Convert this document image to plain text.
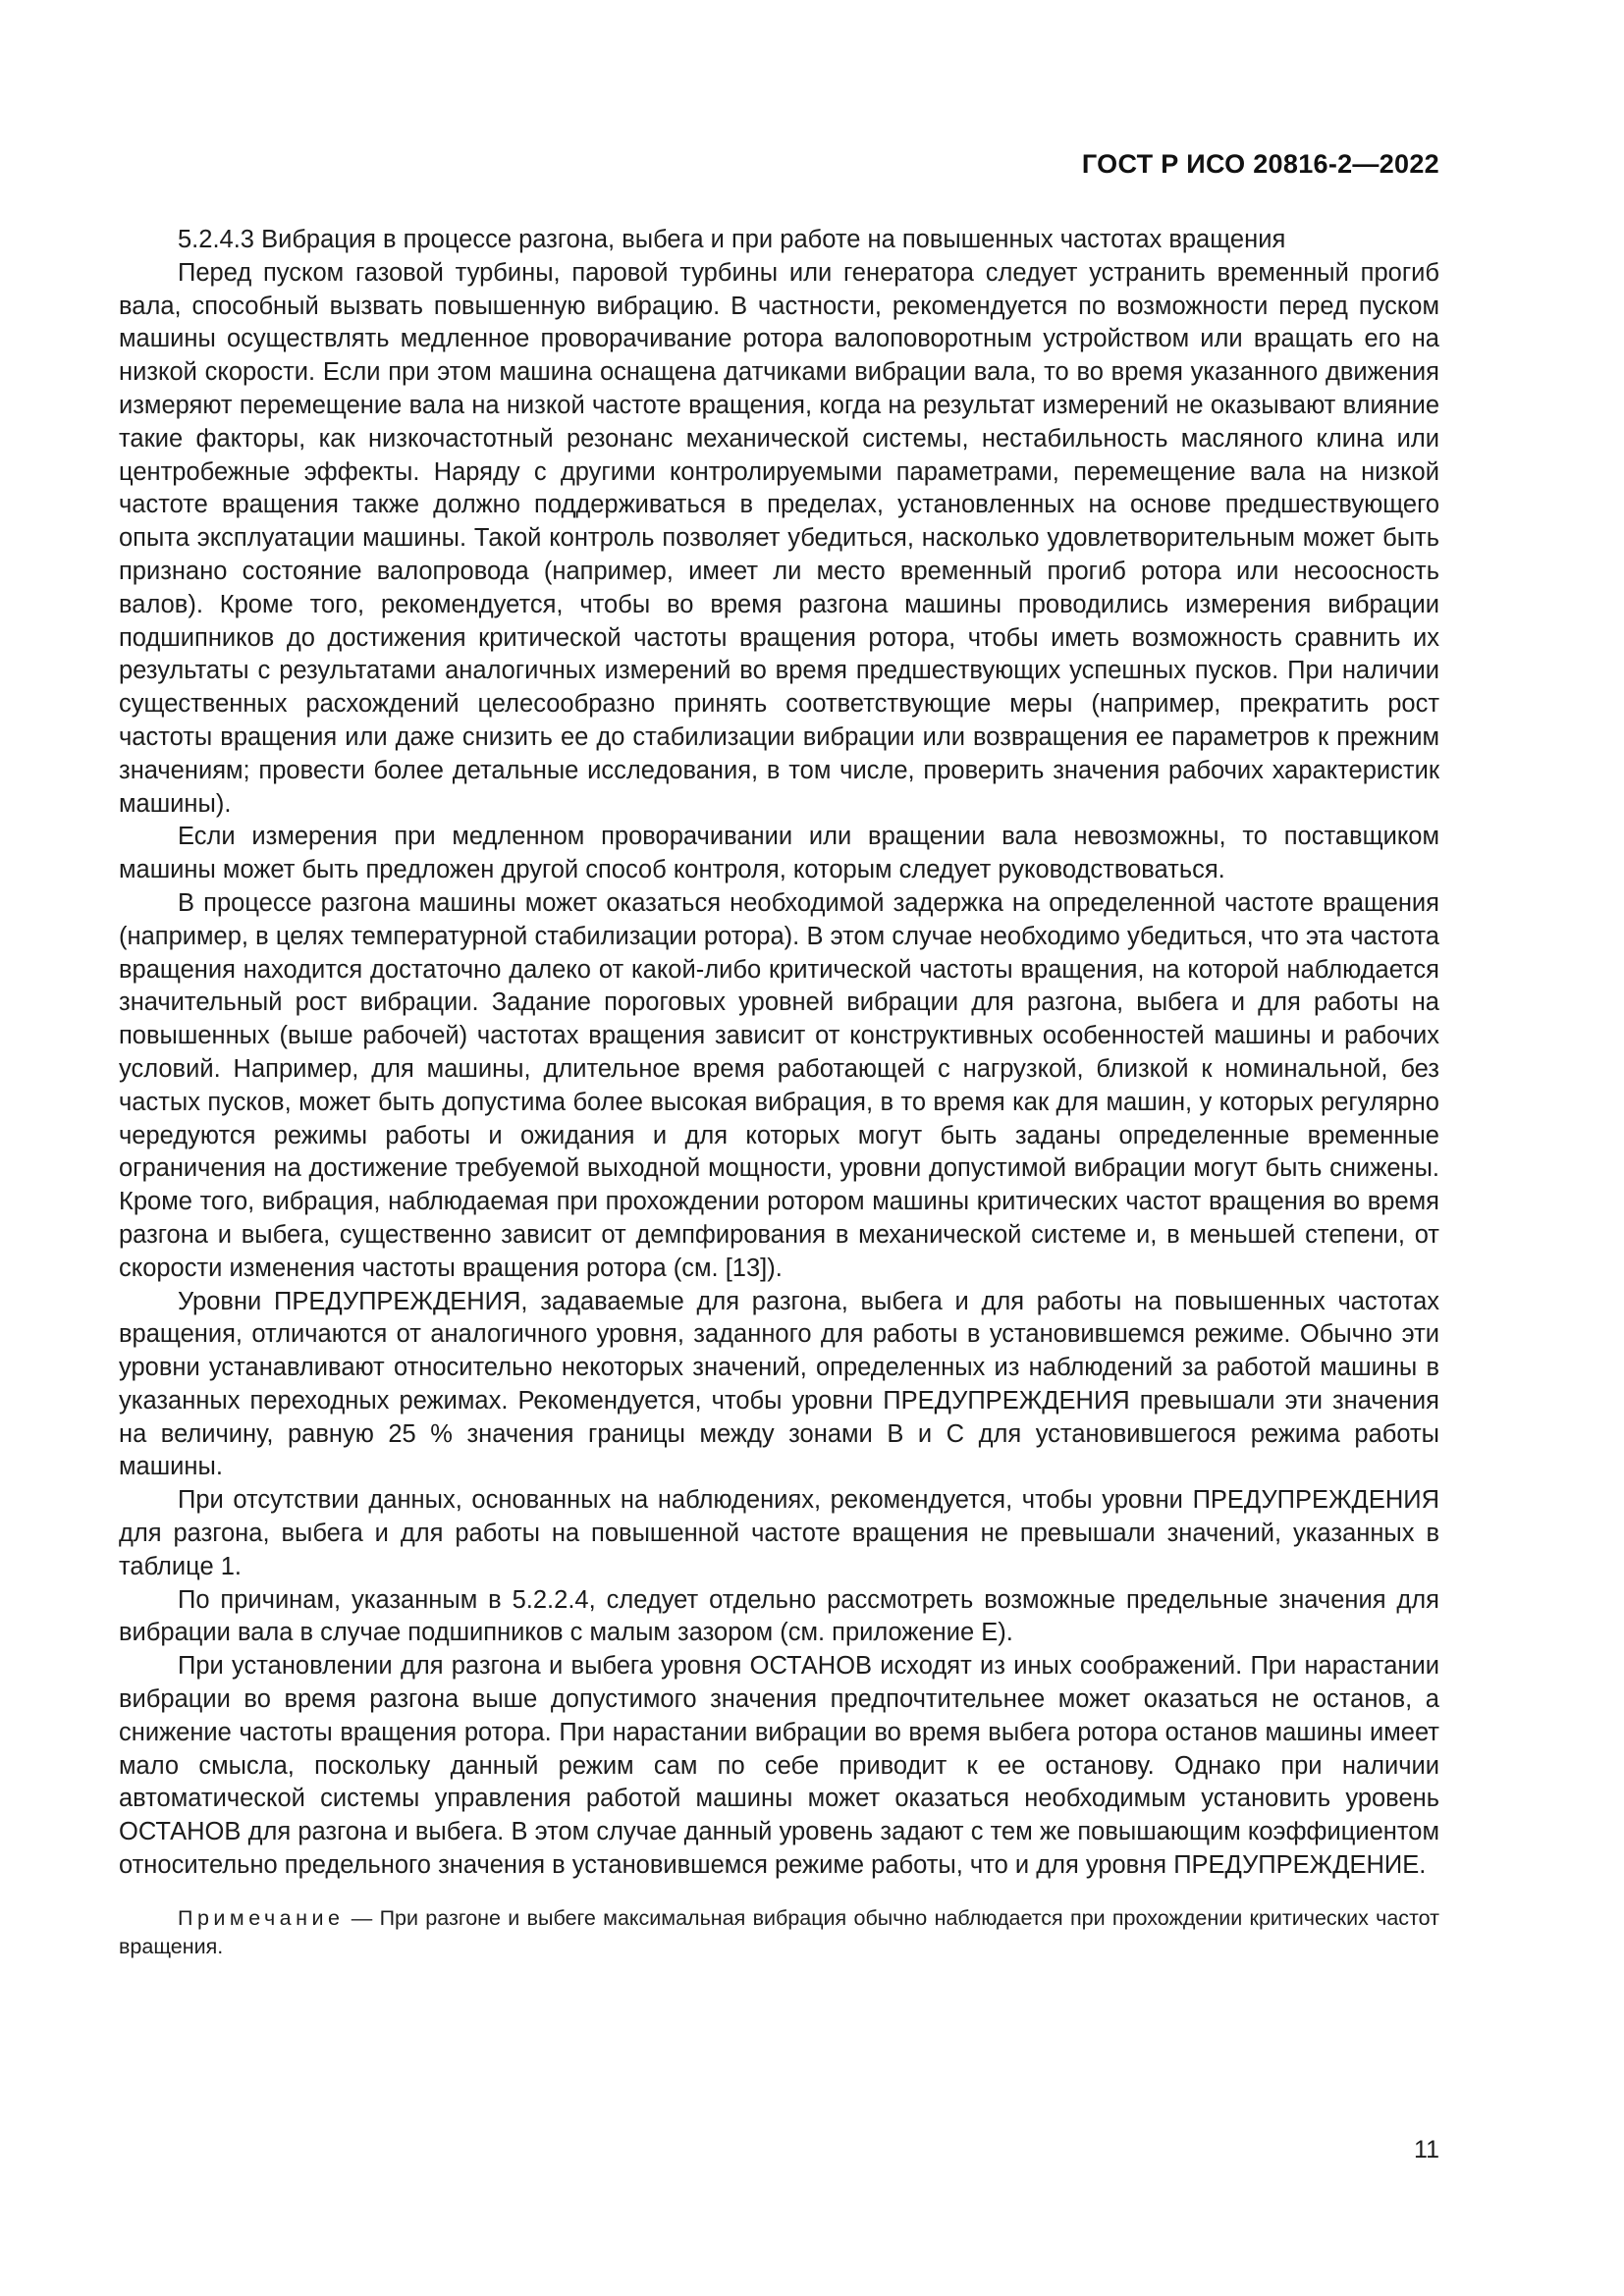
ГОСТ Р ИСО 20816-2—2022

5.2.4.3 Вибрация в процессе разгона, выбега и при работе на повышенных частотах вращения

Перед пуском газовой турбины, паровой турбины или генератора следует устранить временный прогиб вала, способный вызвать повышенную вибрацию. В частности, рекомендуется по возможности перед пуском машины осуществлять медленное проворачивание ротора валоповоротным устройством или вращать его на низкой скорости. Если при этом машина оснащена датчиками вибрации вала, то во время указанного движения измеряют перемещение вала на низкой частоте вращения, когда на результат измерений не оказывают влияние такие факторы, как низкочастотный резонанс механической системы, нестабильность масляного клина или центробежные эффекты. Наряду с другими контролируемыми параметрами, перемещение вала на низкой частоте вращения также должно поддерживаться в пределах, установленных на основе предшествующего опыта эксплуатации машины. Такой контроль позволяет убедиться, насколько удовлетворительным может быть признано состояние валопровода (например, имеет ли место временный прогиб ротора или несоосность валов). Кроме того, рекомендуется, чтобы во время разгона машины проводились измерения вибрации подшипников до достижения критической частоты вращения ротора, чтобы иметь возможность сравнить их результаты с результатами аналогичных измерений во время предшествующих успешных пусков. При наличии существенных расхождений целесообразно принять соответствующие меры (например, прекратить рост частоты вращения или даже снизить ее до стабилизации вибрации или возвращения ее параметров к прежним значениям; провести более детальные исследования, в том числе, проверить значения рабочих характеристик машины).

Если измерения при медленном проворачивании или вращении вала невозможны, то поставщиком машины может быть предложен другой способ контроля, которым следует руководствоваться.

В процессе разгона машины может оказаться необходимой задержка на определенной частоте вращения (например, в целях температурной стабилизации ротора). В этом случае необходимо убедиться, что эта частота вращения находится достаточно далеко от какой-либо критической частоты вращения, на которой наблюдается значительный рост вибрации. Задание пороговых уровней вибрации для разгона, выбега и для работы на повышенных (выше рабочей) частотах вращения зависит от конструктивных особенностей машины и рабочих условий. Например, для машины, длительное время работающей с нагрузкой, близкой к номинальной, без частых пусков, может быть допустима более высокая вибрация, в то время как для машин, у которых регулярно чередуются режимы работы и ожидания и для которых могут быть заданы определенные временные ограничения на достижение требуемой выходной мощности, уровни допустимой вибрации могут быть снижены. Кроме того, вибрация, наблюдаемая при прохождении ротором машины критических частот вращения во время разгона и выбега, существенно зависит от демпфирования в механической системе и, в меньшей степени, от скорости изменения частоты вращения ротора (см. [13]).

Уровни ПРЕДУПРЕЖДЕНИЯ, задаваемые для разгона, выбега и для работы на повышенных частотах вращения, отличаются от аналогичного уровня, заданного для работы в установившемся режиме. Обычно эти уровни устанавливают относительно некоторых значений, определенных из наблюдений за работой машины в указанных переходных режимах. Рекомендуется, чтобы уровни ПРЕДУПРЕЖДЕНИЯ превышали эти значения на величину, равную 25 % значения границы между зонами В и С для установившегося режима работы машины.

При отсутствии данных, основанных на наблюдениях, рекомендуется, чтобы уровни ПРЕДУПРЕЖДЕНИЯ для разгона, выбега и для работы на повышенной частоте вращения не превышали значений, указанных в таблице 1.

По причинам, указанным в 5.2.2.4, следует отдельно рассмотреть возможные предельные значения для вибрации вала в случае подшипников с малым зазором (см. приложение Е).

При установлении для разгона и выбега уровня ОСТАНОВ исходят из иных соображений. При нарастании вибрации во время разгона выше допустимого значения предпочтительнее может оказаться не останов, а снижение частоты вращения ротора. При нарастании вибрации во время выбега ротора останов машины имеет мало смысла, поскольку данный режим сам по себе приводит к ее останову. Однако при наличии автоматической системы управления работой машины может оказаться необходимым установить уровень ОСТАНОВ для разгона и выбега. В этом случае данный уровень задают с тем же повышающим коэффициентом относительно предельного значения в установившемся режиме работы, что и для уровня ПРЕДУПРЕЖДЕНИЕ.

Примечание — При разгоне и выбеге максимальная вибрация обычно наблюдается при прохождении критических частот вращения.

11
